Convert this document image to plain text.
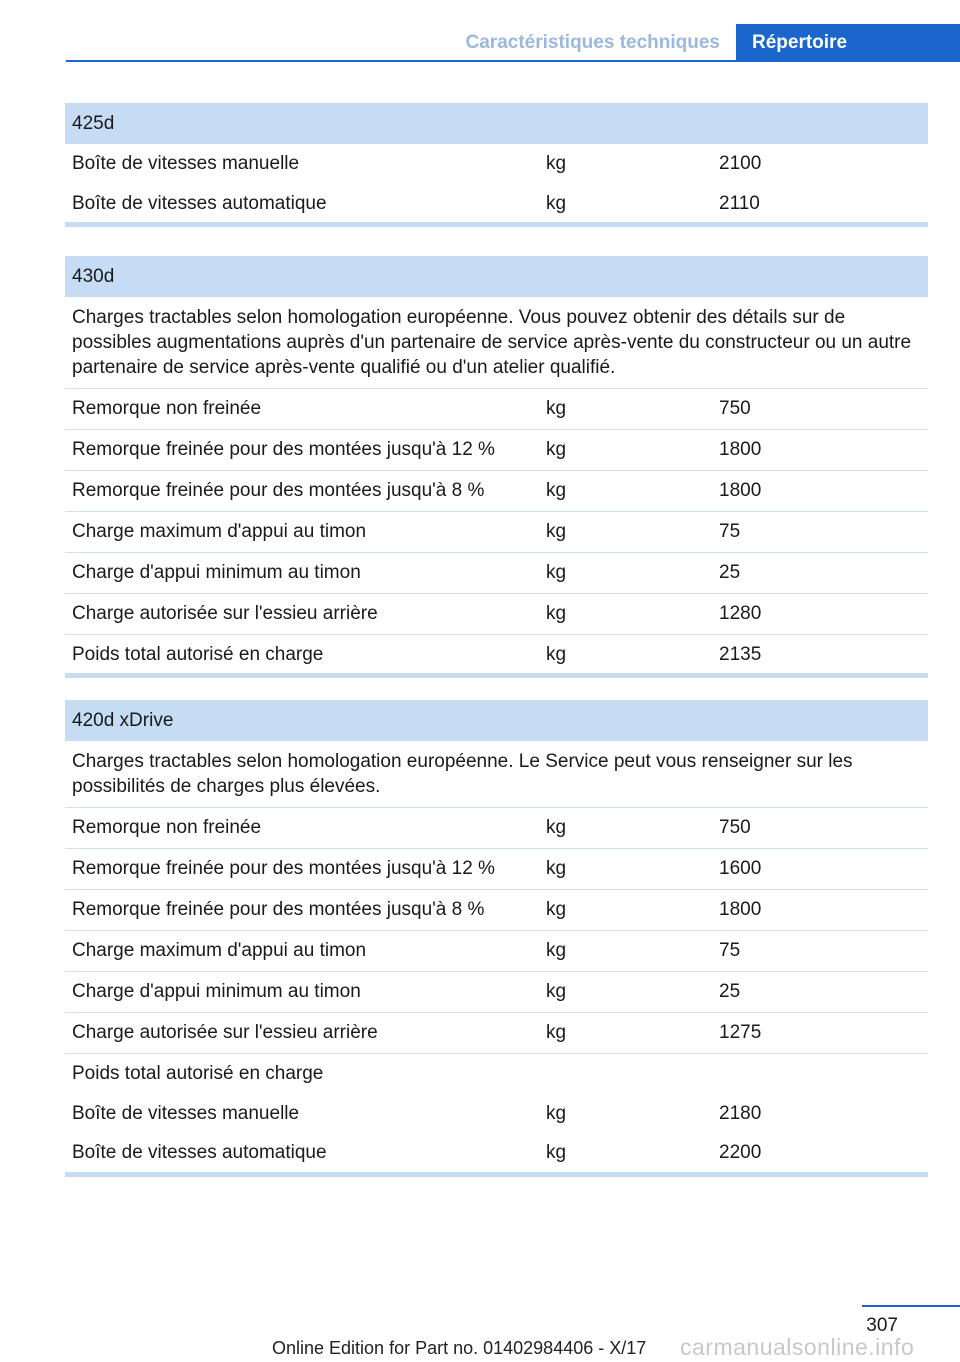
Caractéristiques techniques	Répertoire
425d
Boîte de vitesses manuelle	kg	2100
Boîte de vitesses automatique	kg	2110
430d
Charges tractables selon homologation européenne. Vous pouvez obtenir des détails sur de possibles augmentations auprès d'un partenaire de service après-vente du constructeur ou un autre partenaire de service après-vente qualifié ou d'un atelier qualifié.
Remorque non freinée	kg	750
Remorque freinée pour des montées jusqu'à 12 %	kg	1800
Remorque freinée pour des montées jusqu'à 8 %	kg	1800
Charge maximum d'appui au timon	kg	75
Charge d'appui minimum au timon	kg	25
Charge autorisée sur l'essieu arrière	kg	1280
Poids total autorisé en charge	kg	2135
420d xDrive
Charges tractables selon homologation européenne. Le Service peut vous renseigner sur les possibilités de charges plus élevées.
Remorque non freinée	kg	750
Remorque freinée pour des montées jusqu'à 12 %	kg	1600
Remorque freinée pour des montées jusqu'à 8 %	kg	1800
Charge maximum d'appui au timon	kg	75
Charge d'appui minimum au timon	kg	25
Charge autorisée sur l'essieu arrière	kg	1275
Poids total autorisé en charge
Boîte de vitesses manuelle	kg	2180
Boîte de vitesses automatique	kg	2200
307
Online Edition for Part no. 01402984406 - X/17 carmanualsonline.info
